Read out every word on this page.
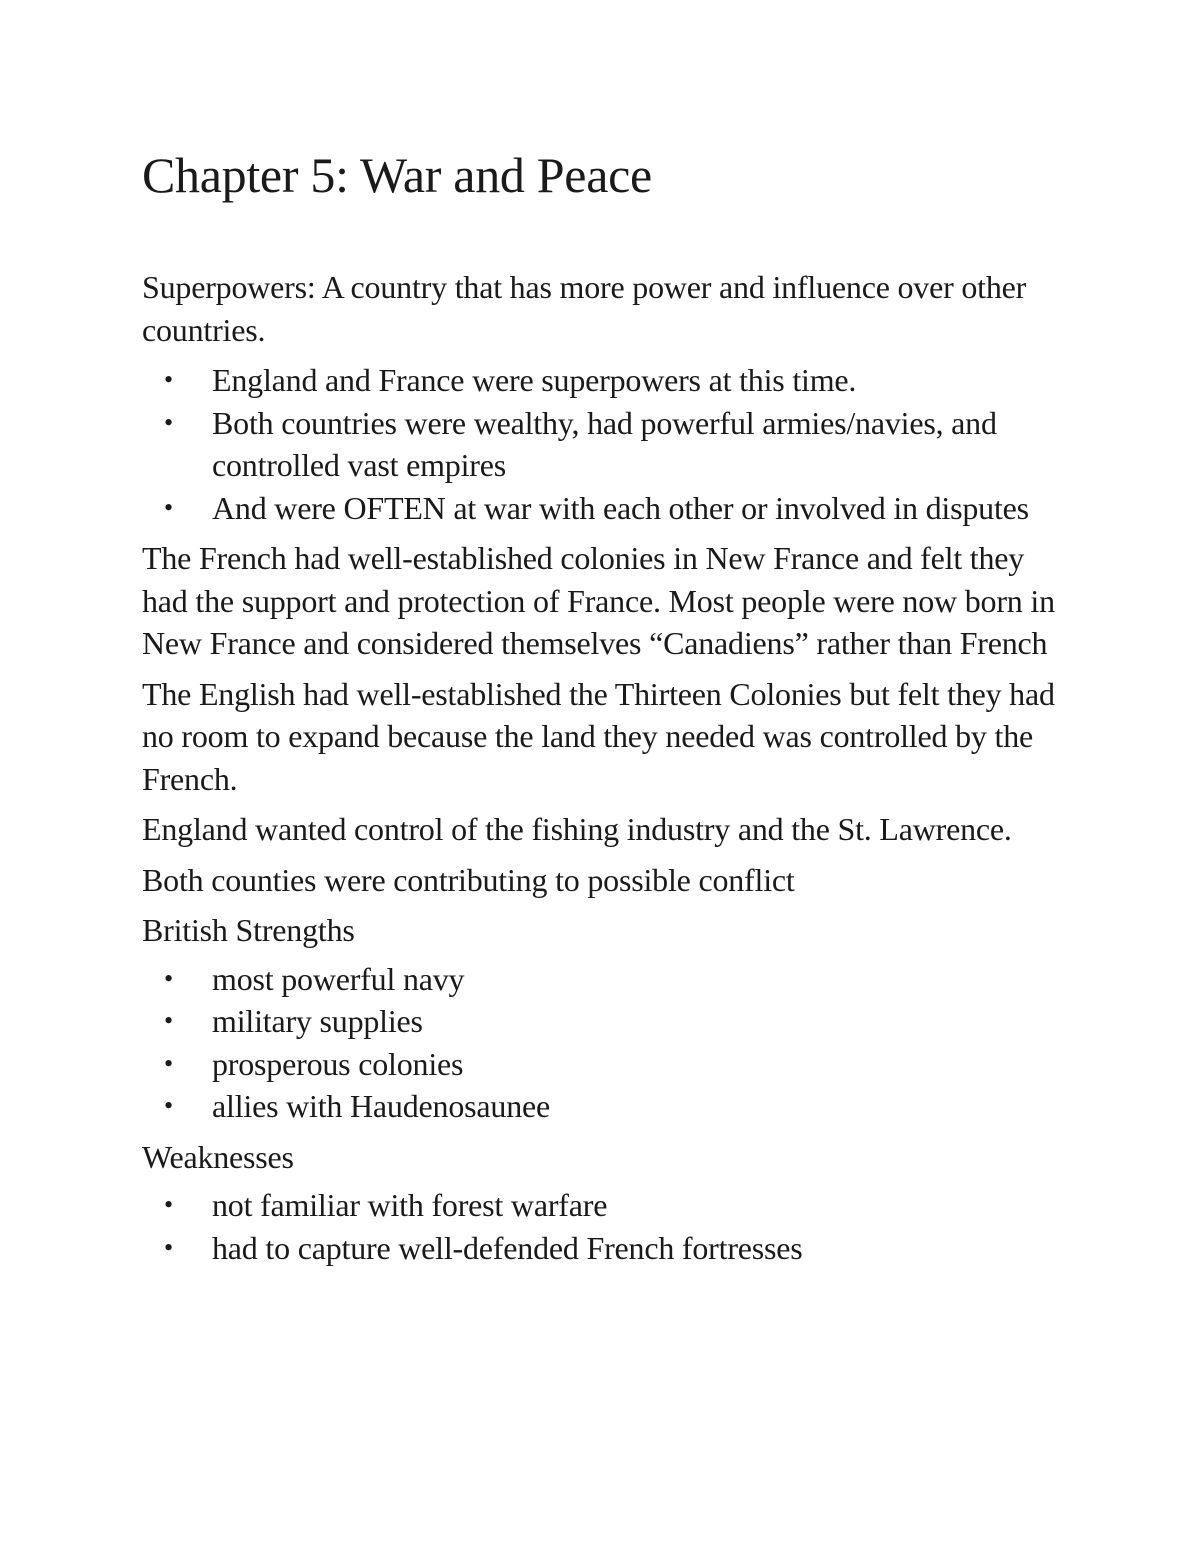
Chapter 5: War and Peace

Superpowers: A country that has more power and influence over other countries.

• England and France were superpowers at this time.
• Both countries were wealthy, had powerful armies/navies, and controlled vast empires
• And were OFTEN at war with each other or involved in disputes

The French had well-established colonies in New France and felt they had the support and protection of France. Most people were now born in New France and considered themselves “Canadiens” rather than French

The English had well-established the Thirteen Colonies but felt they had no room to expand because the land they needed was controlled by the French.

England wanted control of the fishing industry and the St. Lawrence.

Both counties were contributing to possible conflict

British Strengths

• most powerful navy
• military supplies
• prosperous colonies
• allies with Haudenosaunee

Weaknesses

• not familiar with forest warfare
• had to capture well-defended French fortresses
